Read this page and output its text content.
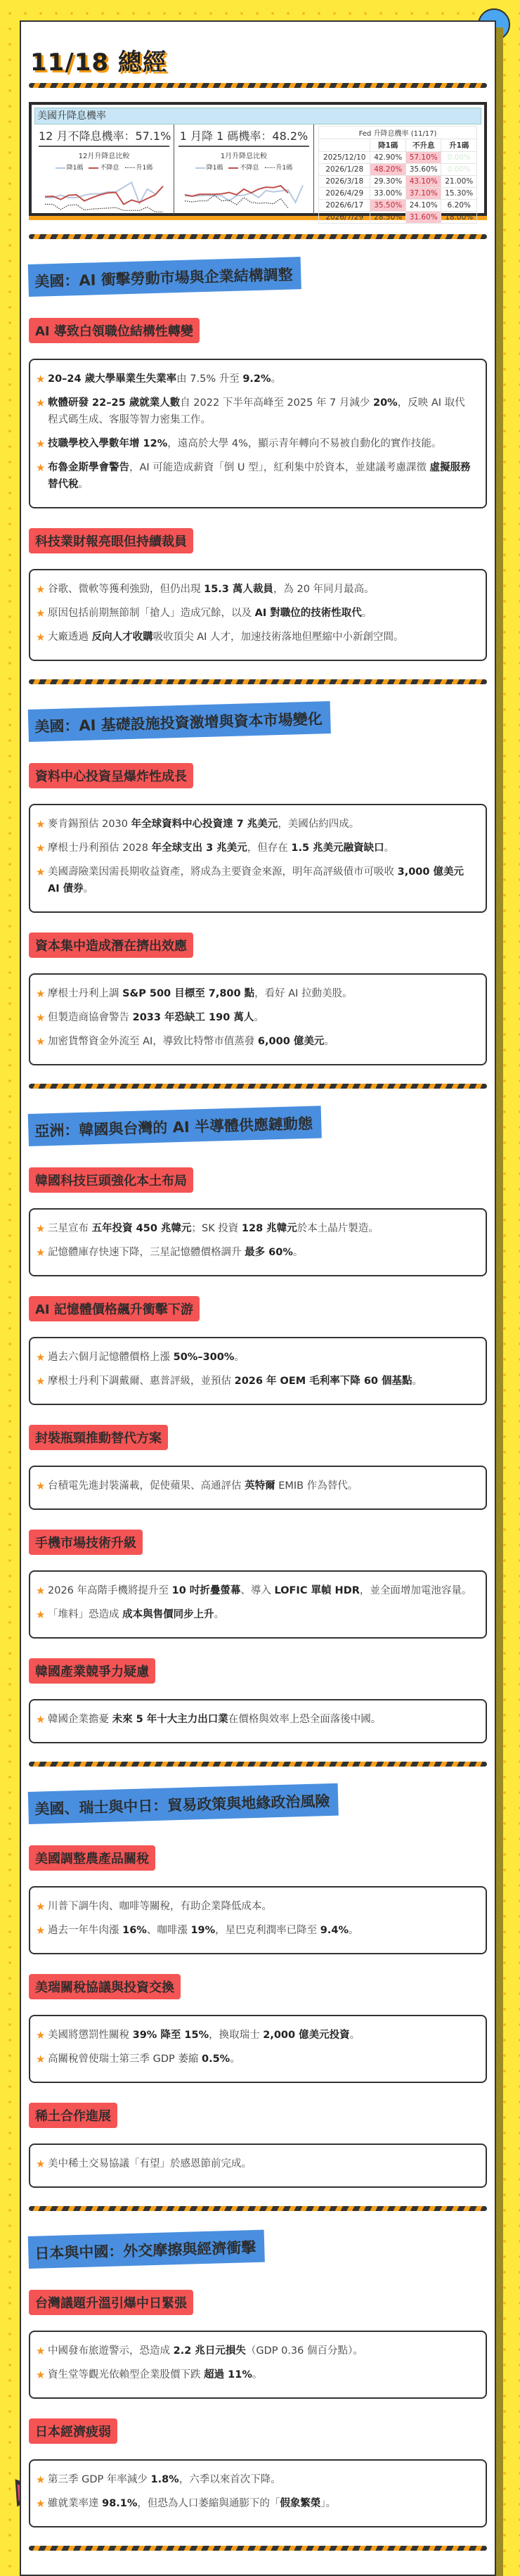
11/18 總經
美國升降息機率
12 月不降息機率：57.1%
12月升降息比較
降1碼	不降息	升1碼
1 月降 1 碼機率：48.2%
1月升降息比較
降1碼	不降息	升1碼
Fed 升降息機率 (11/17)			
	降1碼	不升息	升1碼
2025/12/10	42.90%	57.10%	0.00%
2026/1/28	48.20%	35.60%	0.00%
2026/3/18	29.30%	43.10%	21.00%
2026/4/29	33.00%	37.10%	15.30%
2026/6/17	35.50%	24.10%	6.20%
2026/7/29	28.50%	31.60%	18.00%
美國：AI 衝擊勞動市場與企業結構調整
AI 導致白領職位結構性轉變
★ 20–24 歲大學畢業生失業率由 7.5% 升至 9.2%。
★ 軟體研發 22–25 歲就業人數自 2022 下半年高峰至 2025 年 7 月減少 20%，反映 AI 取代程式碼生成、客服等智力密集工作。
★ 技職學校入學數年增 12%，遠高於大學 4%，顯示青年轉向不易被自動化的實作技能。
★ 布魯金斯學會警告，AI 可能造成薪資「倒 U 型」，紅利集中於資本，並建議考慮課徵 虛擬服務替代稅。
科技業財報亮眼但持續裁員
★ 谷歌、微軟等獲利強勁，但仍出現 15.3 萬人裁員，為 20 年同月最高。
★ 原因包括前期無節制「搶人」造成冗餘，以及 AI 對職位的技術性取代。
★ 大廠透過 反向人才收購吸收頂尖 AI 人才，加速技術落地但壓縮中小新創空間。
美國：AI 基礎設施投資激增與資本市場變化
資料中心投資呈爆炸性成長
★ 麥肯錫預估 2030 年全球資料中心投資達 7 兆美元，美國佔約四成。
★ 摩根士丹利預估 2028 年全球支出 3 兆美元，但存在 1.5 兆美元融資缺口。
★ 美國壽險業因需長期收益資產，將成為主要資金來源，明年高評級債市可吸收 3,000 億美元 AI 債券。
資本集中造成潛在擠出效應
★ 摩根士丹利上調 S&P 500 目標至 7,800 點，看好 AI 拉動美股。
★ 但製造商協會警告 2033 年恐缺工 190 萬人。
★ 加密貨幣資金外流至 AI，導致比特幣市值蒸發 6,000 億美元。
亞洲：韓國與台灣的 AI 半導體供應鏈動態
韓國科技巨頭強化本土布局
★ 三星宣布 五年投資 450 兆韓元；SK 投資 128 兆韓元於本土晶片製造。
★ 記憶體庫存快速下降，三星記憶體價格調升 最多 60%。
AI 記憶體價格飆升衝擊下游
★ 過去六個月記憶體價格上漲 50%–300%。
★ 摩根士丹利下調戴爾、惠普評級，並預估 2026 年 OEM 毛利率下降 60 個基點。
封裝瓶頸推動替代方案
★ 台積電先進封裝滿載，促使蘋果、高通評估 英特爾 EMIB 作為替代。
手機市場技術升級
★ 2026 年高階手機將提升至 10 吋折疊螢幕、導入 LOFIC 單幀 HDR，並全面增加電池容量。
★ 「堆料」恐造成 成本與售價同步上升。
韓國產業競爭力疑慮
★ 韓國企業擔憂 未來 5 年十大主力出口業在價格與效率上恐全面落後中國。
美國、瑞士與中日：貿易政策與地緣政治風險
美國調整農產品關稅
★ 川普下調牛肉、咖啡等關稅，有助企業降低成本。
★ 過去一年牛肉漲 16%、咖啡漲 19%，星巴克利潤率已降至 9.4%。
美瑞關稅協議與投資交換
★ 美國將懲罰性關稅 39% 降至 15%，換取瑞士 2,000 億美元投資。
★ 高關稅曾使瑞士第三季 GDP 萎縮 0.5%。
稀土合作進展
★ 美中稀土交易協議「有望」於感恩節前完成。
日本與中國：外交摩擦與經濟衝擊
台灣議題升溫引爆中日緊張
★ 中國發布旅遊警示，恐造成 2.2 兆日元損失（GDP 0.36 個百分點）。
★ 資生堂等觀光依賴型企業股價下跌 超過 11%。
日本經濟疲弱
★ 第三季 GDP 年率減少 1.8%，六季以來首次下降。
★ 雖就業率達 98.1%，但恐為人口萎縮與通膨下的「假象繁榮」。
